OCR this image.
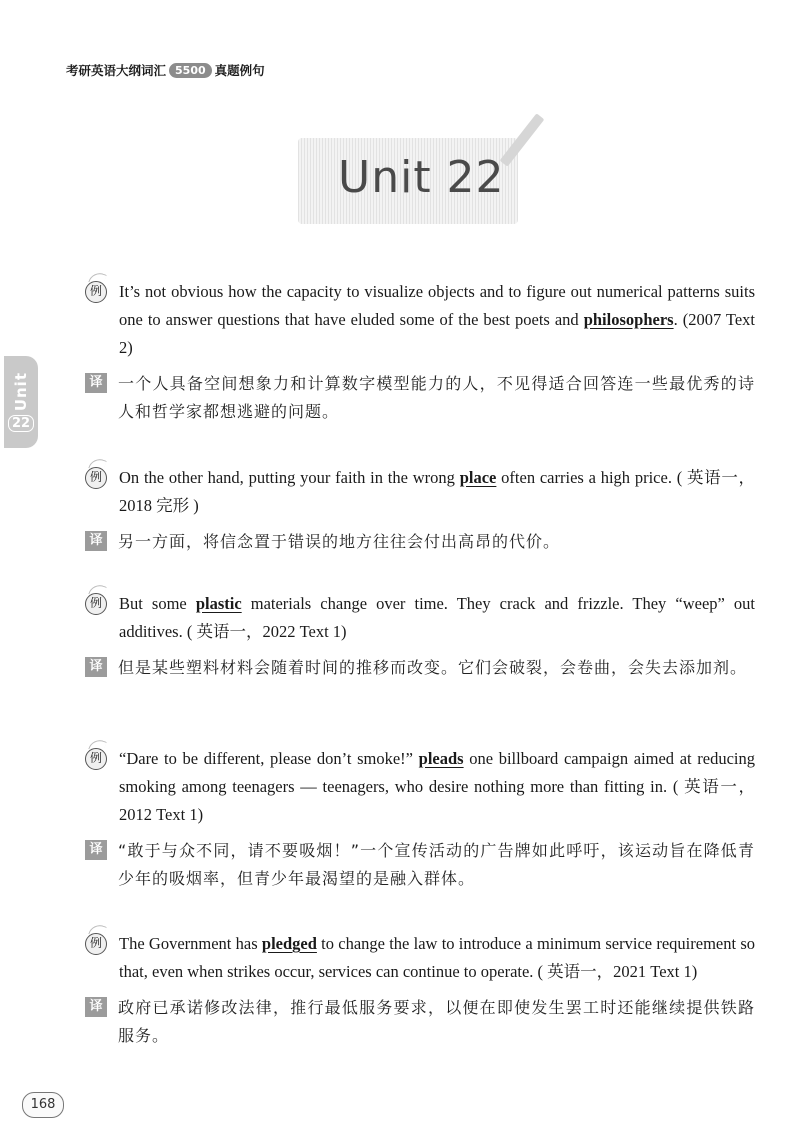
考研英语大纲词汇 5500 真题例句
Unit 22
Unit
22
例	It’s not obvious how the capacity to visualize objects and to figure out numerical patterns suits one to answer questions that have eluded some of the best poets and philosophers. (2007 Text 2)
译 一个人具备空间想象力和计算数字模型能力的人，不见得适合回答连一些最优秀的诗人和哲学家都想逃避的问题。
例	On the other hand, putting your faith in the wrong place often carries a high price. ( 英语一，2018 完形 )
译 另一方面，将信念置于错误的地方往往会付出高昂的代价。
例	But some plastic materials change over time. They crack and frizzle. They “weep” out additives. ( 英语一，2022 Text 1)
译 但是某些塑料材料会随着时间的推移而改变。它们会破裂，会卷曲，会失去添加剂。
例	“Dare to be different, please don’t smoke!” pleads one billboard campaign aimed at reducing smoking among teenagers — teenagers, who desire nothing more than fitting in. ( 英语一，2012 Text 1)
译 “敢于与众不同，请不要吸烟！”一个宣传活动的广告牌如此呼吁，该运动旨在降低青少年的吸烟率，但青少年最渴望的是融入群体。
例	The Government has pledged to change the law to introduce a minimum service requirement so that, even when strikes occur, services can continue to operate. ( 英语一，2021 Text 1)
译 政府已承诺修改法律，推行最低服务要求，以便在即使发生罢工时还能继续提供铁路服务。
168
